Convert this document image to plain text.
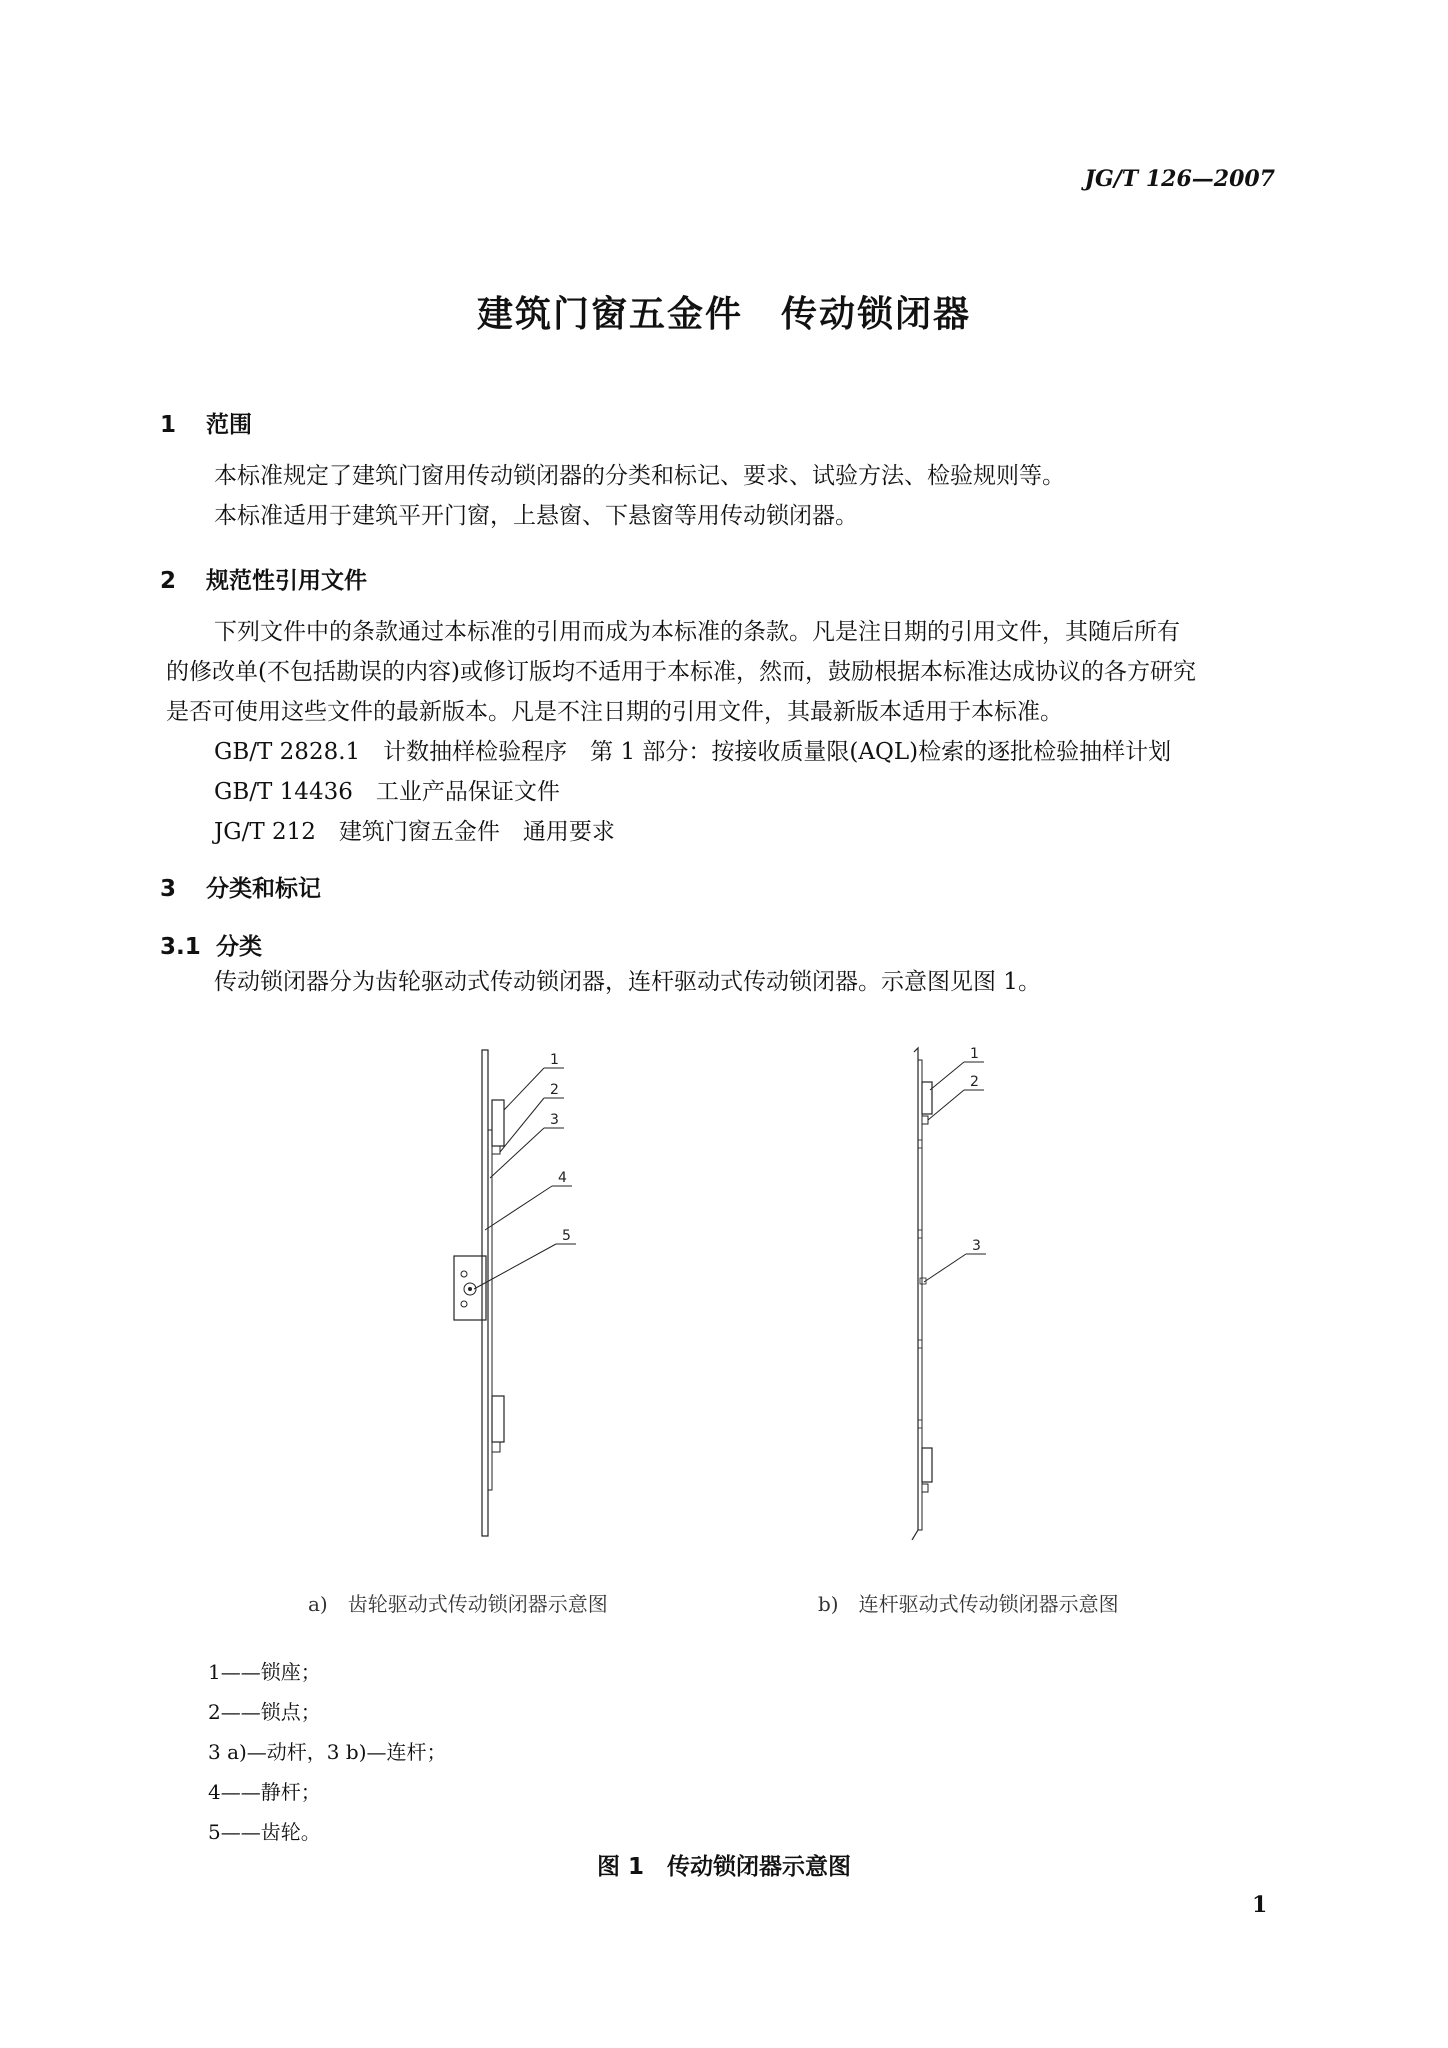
JG/T 126—2007
建筑门窗五金件　传动锁闭器
1 范围
本标准规定了建筑门窗用传动锁闭器的分类和标记、要求、试验方法、检验规则等。
本标准适用于建筑平开门窗，上悬窗、下悬窗等用传动锁闭器。
2 规范性引用文件
下列文件中的条款通过本标准的引用而成为本标准的条款。凡是注日期的引用文件，其随后所有
的修改单(不包括勘误的内容)或修订版均不适用于本标准，然而，鼓励根据本标准达成协议的各方研究
是否可使用这些文件的最新版本。凡是不注日期的引用文件，其最新版本适用于本标准。
GB/T 2828.1　计数抽样检验程序　第 1 部分：按接收质量限(AQL)检索的逐批检验抽样计划
GB/T 14436　工业产品保证文件
JG/T 212　建筑门窗五金件　通用要求
3 分类和标记
3.1 分类
传动锁闭器分为齿轮驱动式传动锁闭器，连杆驱动式传动锁闭器。示意图见图 1。
1
2
3
4
5
1
2
3
a)　齿轮驱动式传动锁闭器示意图	b)　连杆驱动式传动锁闭器示意图
1——锁座；
2——锁点；
3 a)—动杆，3 b)—连杆；
4——静杆；
5——齿轮。
图 1　传动锁闭器示意图
1
